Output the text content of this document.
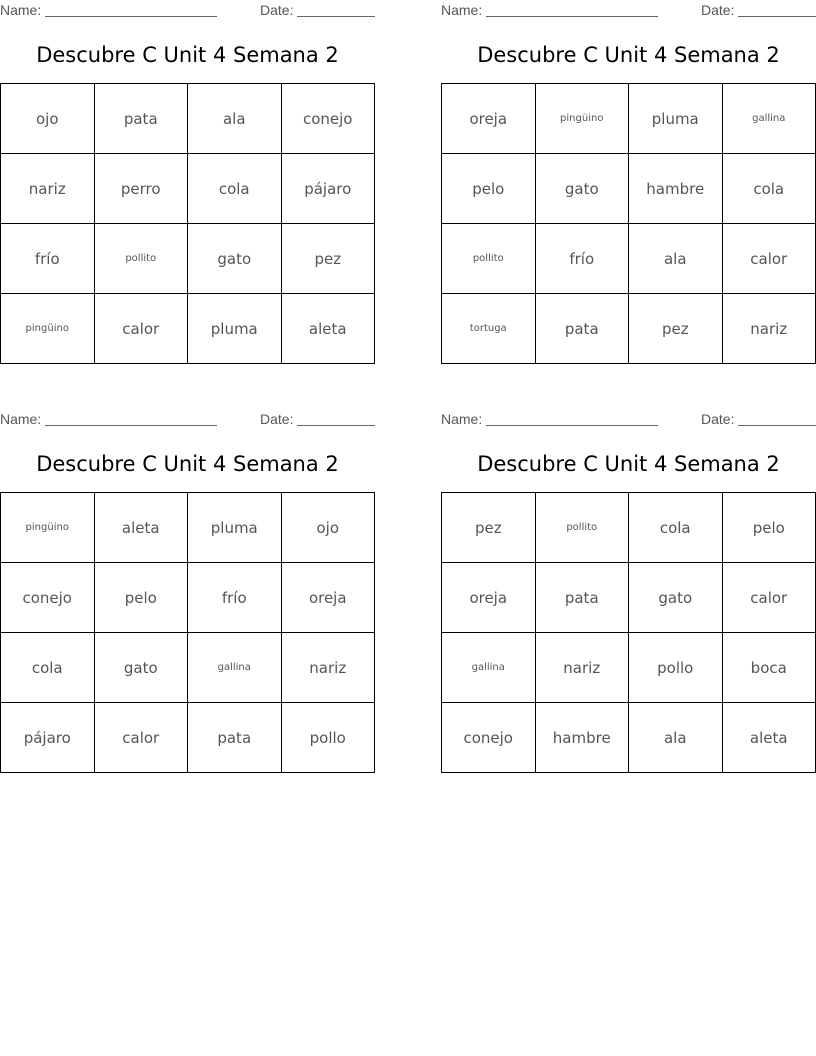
Name:	Date:
Descubre C Unit 4 Semana 2
ojo	pata	ala	conejo
nariz	perro	cola	pájaro
frío	pollito	gato	pez
pingüino	calor	pluma	aleta
Name:	Date:
Descubre C Unit 4 Semana 2
oreja	pingüino	pluma	gallina
pelo	gato	hambre	cola
pollito	frío	ala	calor
tortuga	pata	pez	nariz
Name:	Date:
Descubre C Unit 4 Semana 2
pingüino	aleta	pluma	ojo
conejo	pelo	frío	oreja
cola	gato	gallina	nariz
pájaro	calor	pata	pollo
Name:	Date:
Descubre C Unit 4 Semana 2
pez	pollito	cola	pelo
oreja	pata	gato	calor
gallina	nariz	pollo	boca
conejo	hambre	ala	aleta
